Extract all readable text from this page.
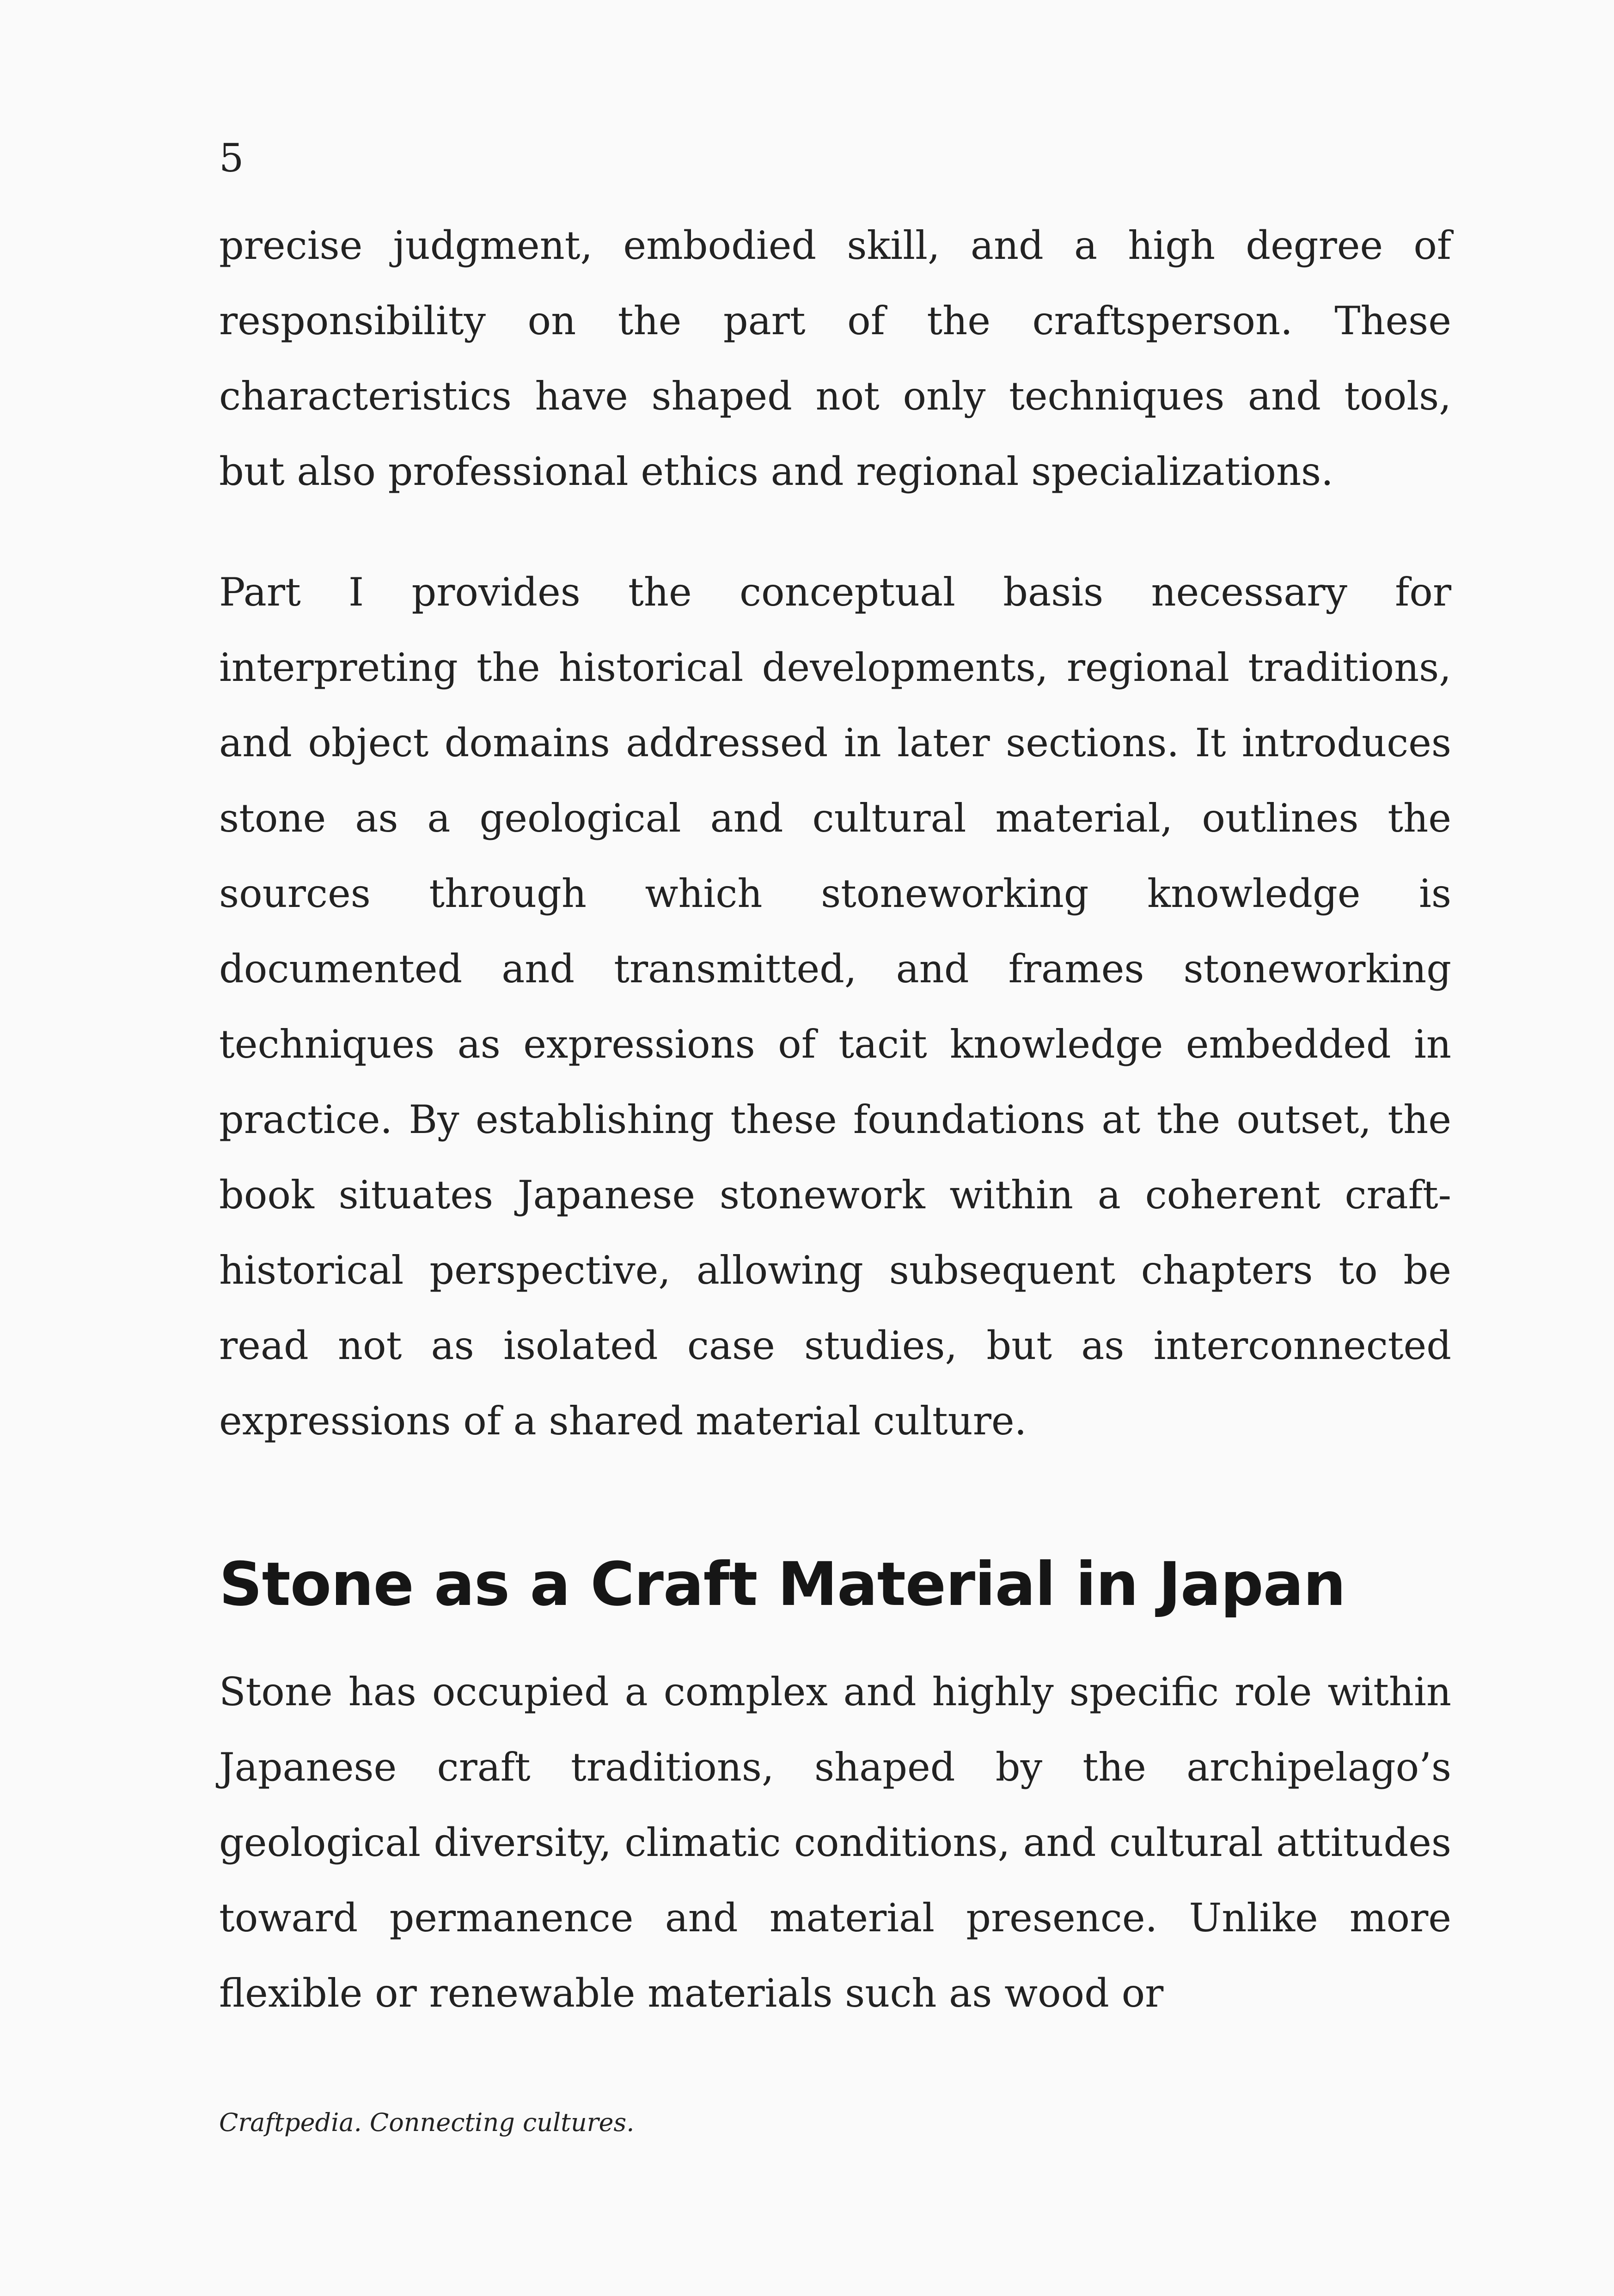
5

precise judgment, embodied skill, and a high degree of responsibility on the part of the craftsperson. These characteristics have shaped not only techniques and tools, but also professional ethics and regional specializations.

Part I provides the conceptual basis necessary for interpreting the historical developments, regional traditions, and object domains addressed in later sections. It introduces stone as a geological and cultural material, outlines the sources through which stoneworking knowledge is documented and transmitted, and frames stoneworking techniques as expressions of tacit knowledge embedded in practice. By establishing these foundations at the outset, the book situates Japanese stonework within a coherent craft-historical perspective, allowing subsequent chapters to be read not as isolated case studies, but as interconnected expressions of a shared material culture.

Stone as a Craft Material in Japan

Stone has occupied a complex and highly specific role within Japanese craft traditions, shaped by the archipelago’s geological diversity, climatic conditions, and cultural attitudes toward permanence and material presence. Unlike more flexible or renewable materials such as wood or

Craftpedia. Connecting cultures.
